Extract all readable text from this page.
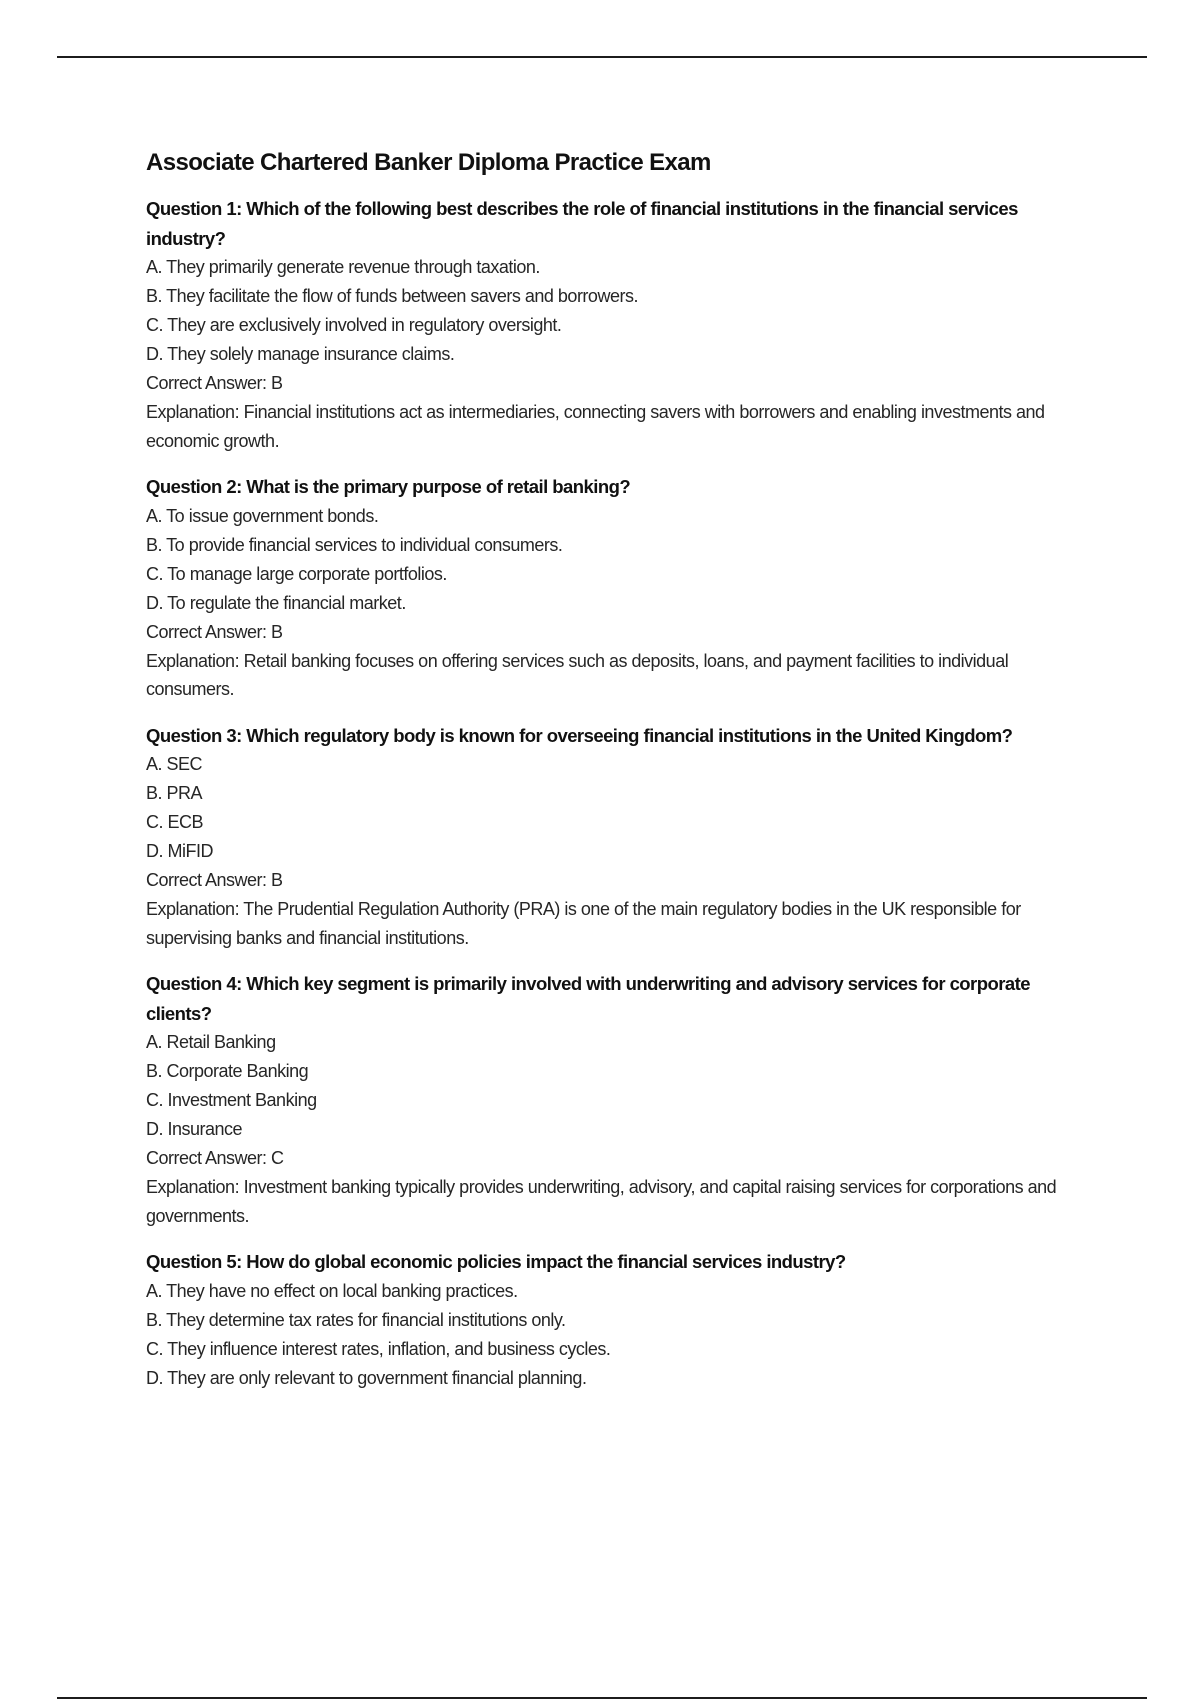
Associate Chartered Banker Diploma Practice Exam
Question 1: Which of the following best describes the role of financial institutions in the financial services industry?
A. They primarily generate revenue through taxation.
B. They facilitate the flow of funds between savers and borrowers.
C. They are exclusively involved in regulatory oversight.
D. They solely manage insurance claims.
Correct Answer: B
Explanation: Financial institutions act as intermediaries, connecting savers with borrowers and enabling investments and economic growth.
Question 2: What is the primary purpose of retail banking?
A. To issue government bonds.
B. To provide financial services to individual consumers.
C. To manage large corporate portfolios.
D. To regulate the financial market.
Correct Answer: B
Explanation: Retail banking focuses on offering services such as deposits, loans, and payment facilities to individual consumers.
Question 3: Which regulatory body is known for overseeing financial institutions in the United Kingdom?
A. SEC
B. PRA
C. ECB
D. MiFID
Correct Answer: B
Explanation: The Prudential Regulation Authority (PRA) is one of the main regulatory bodies in the UK responsible for supervising banks and financial institutions.
Question 4: Which key segment is primarily involved with underwriting and advisory services for corporate clients?
A. Retail Banking
B. Corporate Banking
C. Investment Banking
D. Insurance
Correct Answer: C
Explanation: Investment banking typically provides underwriting, advisory, and capital raising services for corporations and governments.
Question 5: How do global economic policies impact the financial services industry?
A. They have no effect on local banking practices.
B. They determine tax rates for financial institutions only.
C. They influence interest rates, inflation, and business cycles.
D. They are only relevant to government financial planning.
